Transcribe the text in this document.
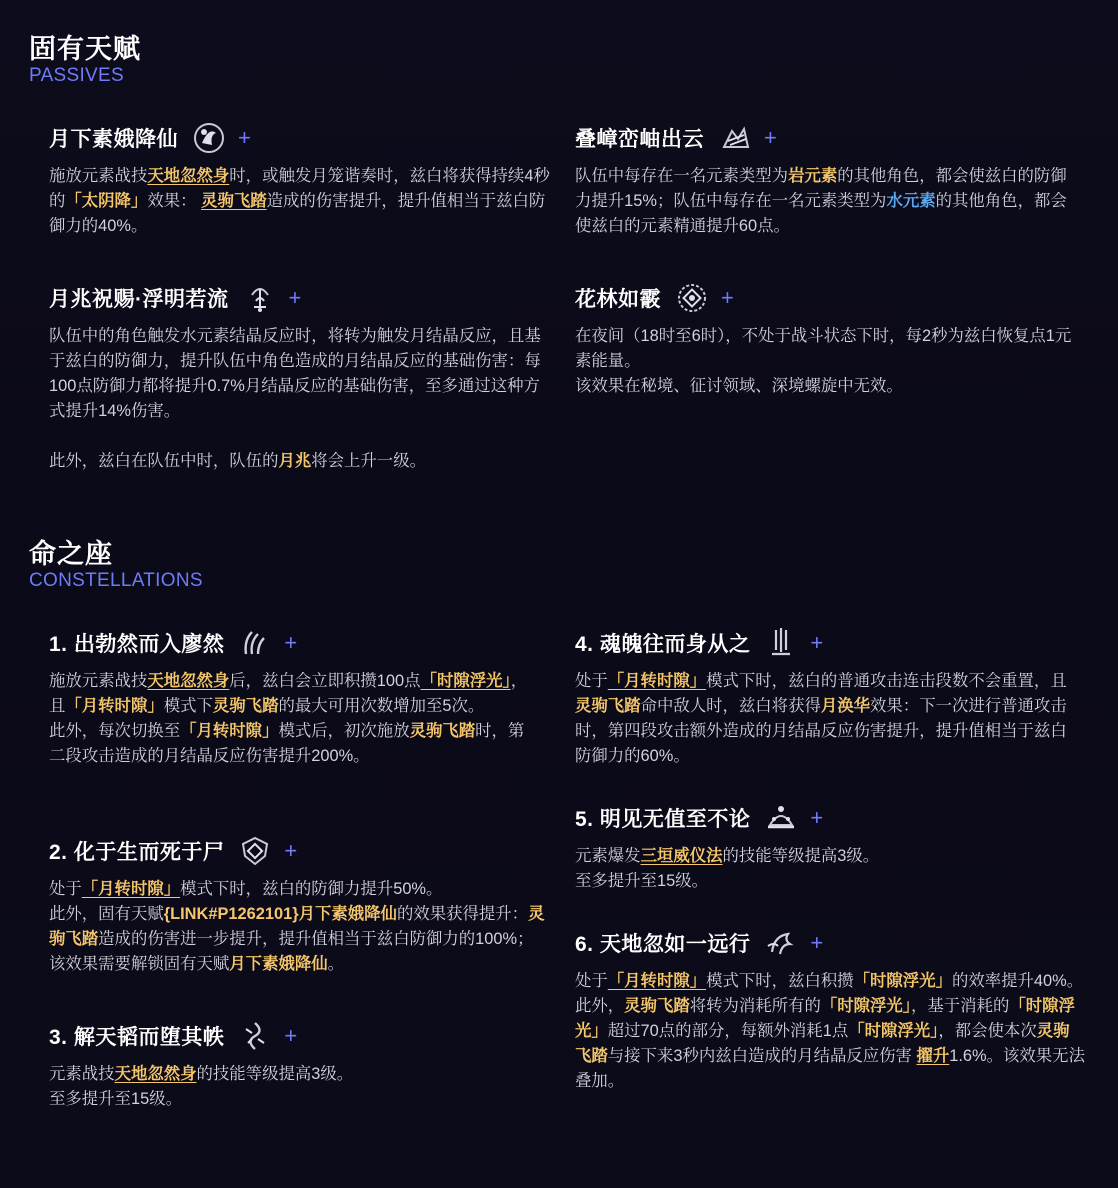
固有天赋
PASSIVES
月下素娥降仙	+

施放元素战技天地忽然身时，或触发月笼谐奏时，兹白将获得持续4秒的「太阴降」效果： 灵驹飞踏造成的伤害提升，提升值相当于兹白防御力的40%。

叠嶂峦岫出云	+

队伍中每存在一名元素类型为岩元素的其他角色，都会使兹白的防御力提升15%；队伍中每存在一名元素类型为水元素的其他角色，都会使兹白的元素精通提升60点。

月兆祝赐·浮明若流	+

队伍中的角色触发水元素结晶反应时，将转为触发月结晶反应，且基于兹白的防御力，提升队伍中角色造成的月结晶反应的基础伤害：每100点防御力都将提升0.7%月结晶反应的基础伤害，至多通过这种方式提升14%伤害。

此外，兹白在队伍中时，队伍的月兆将会上升一级。

花林如霰	+

在夜间（18时至6时），不处于战斗状态下时，每2秒为兹白恢复点1元素能量。

该效果在秘境、征讨领域、深境螺旋中无效。

命之座
CONSTELLATIONS
1. 出勃然而入廖然	+

施放元素战技天地忽然身后，兹白会立即积攒100点「时隙浮光」，且「月转时隙」模式下灵驹飞踏的最大可用次数增加至5次。

此外，每次切换至「月转时隙」模式后，初次施放灵驹飞踏时，第二段攻击造成的月结晶反应伤害提升200%。

4. 魂魄往而身从之	+

处于「月转时隙」模式下时，兹白的普通攻击连击段数不会重置，且灵驹飞踏命中敌人时，兹白将获得月涣华效果：下一次进行普通攻击时，第四段攻击额外造成的月结晶反应伤害提升，提升值相当于兹白防御力的60%。

2. 化于生而死于尸	+

处于「月转时隙」模式下时，兹白的防御力提升50%。

此外，固有天赋{LINK#P1262101}月下素娥降仙的效果获得提升：灵驹飞踏造成的伤害进一步提升，提升值相当于兹白防御力的100%；该效果需要解锁固有天赋月下素娥降仙。

5. 明见无值至不论	+

元素爆发三垣威仪法的技能等级提高3级。

至多提升至15级。

3. 解天韬而堕其帙	+

元素战技天地忽然身的技能等级提高3级。

至多提升至15级。

6. 天地忽如一远行	+

处于「月转时隙」模式下时，兹白积攒「时隙浮光」的效率提升40%。

此外，灵驹飞踏将转为消耗所有的「时隙浮光」，基于消耗的「时隙浮光」超过70点的部分，每额外消耗1点「时隙浮光」，都会使本次灵驹飞踏与接下来3秒内兹白造成的月结晶反应伤害 擢升1.6%。该效果无法叠加。
